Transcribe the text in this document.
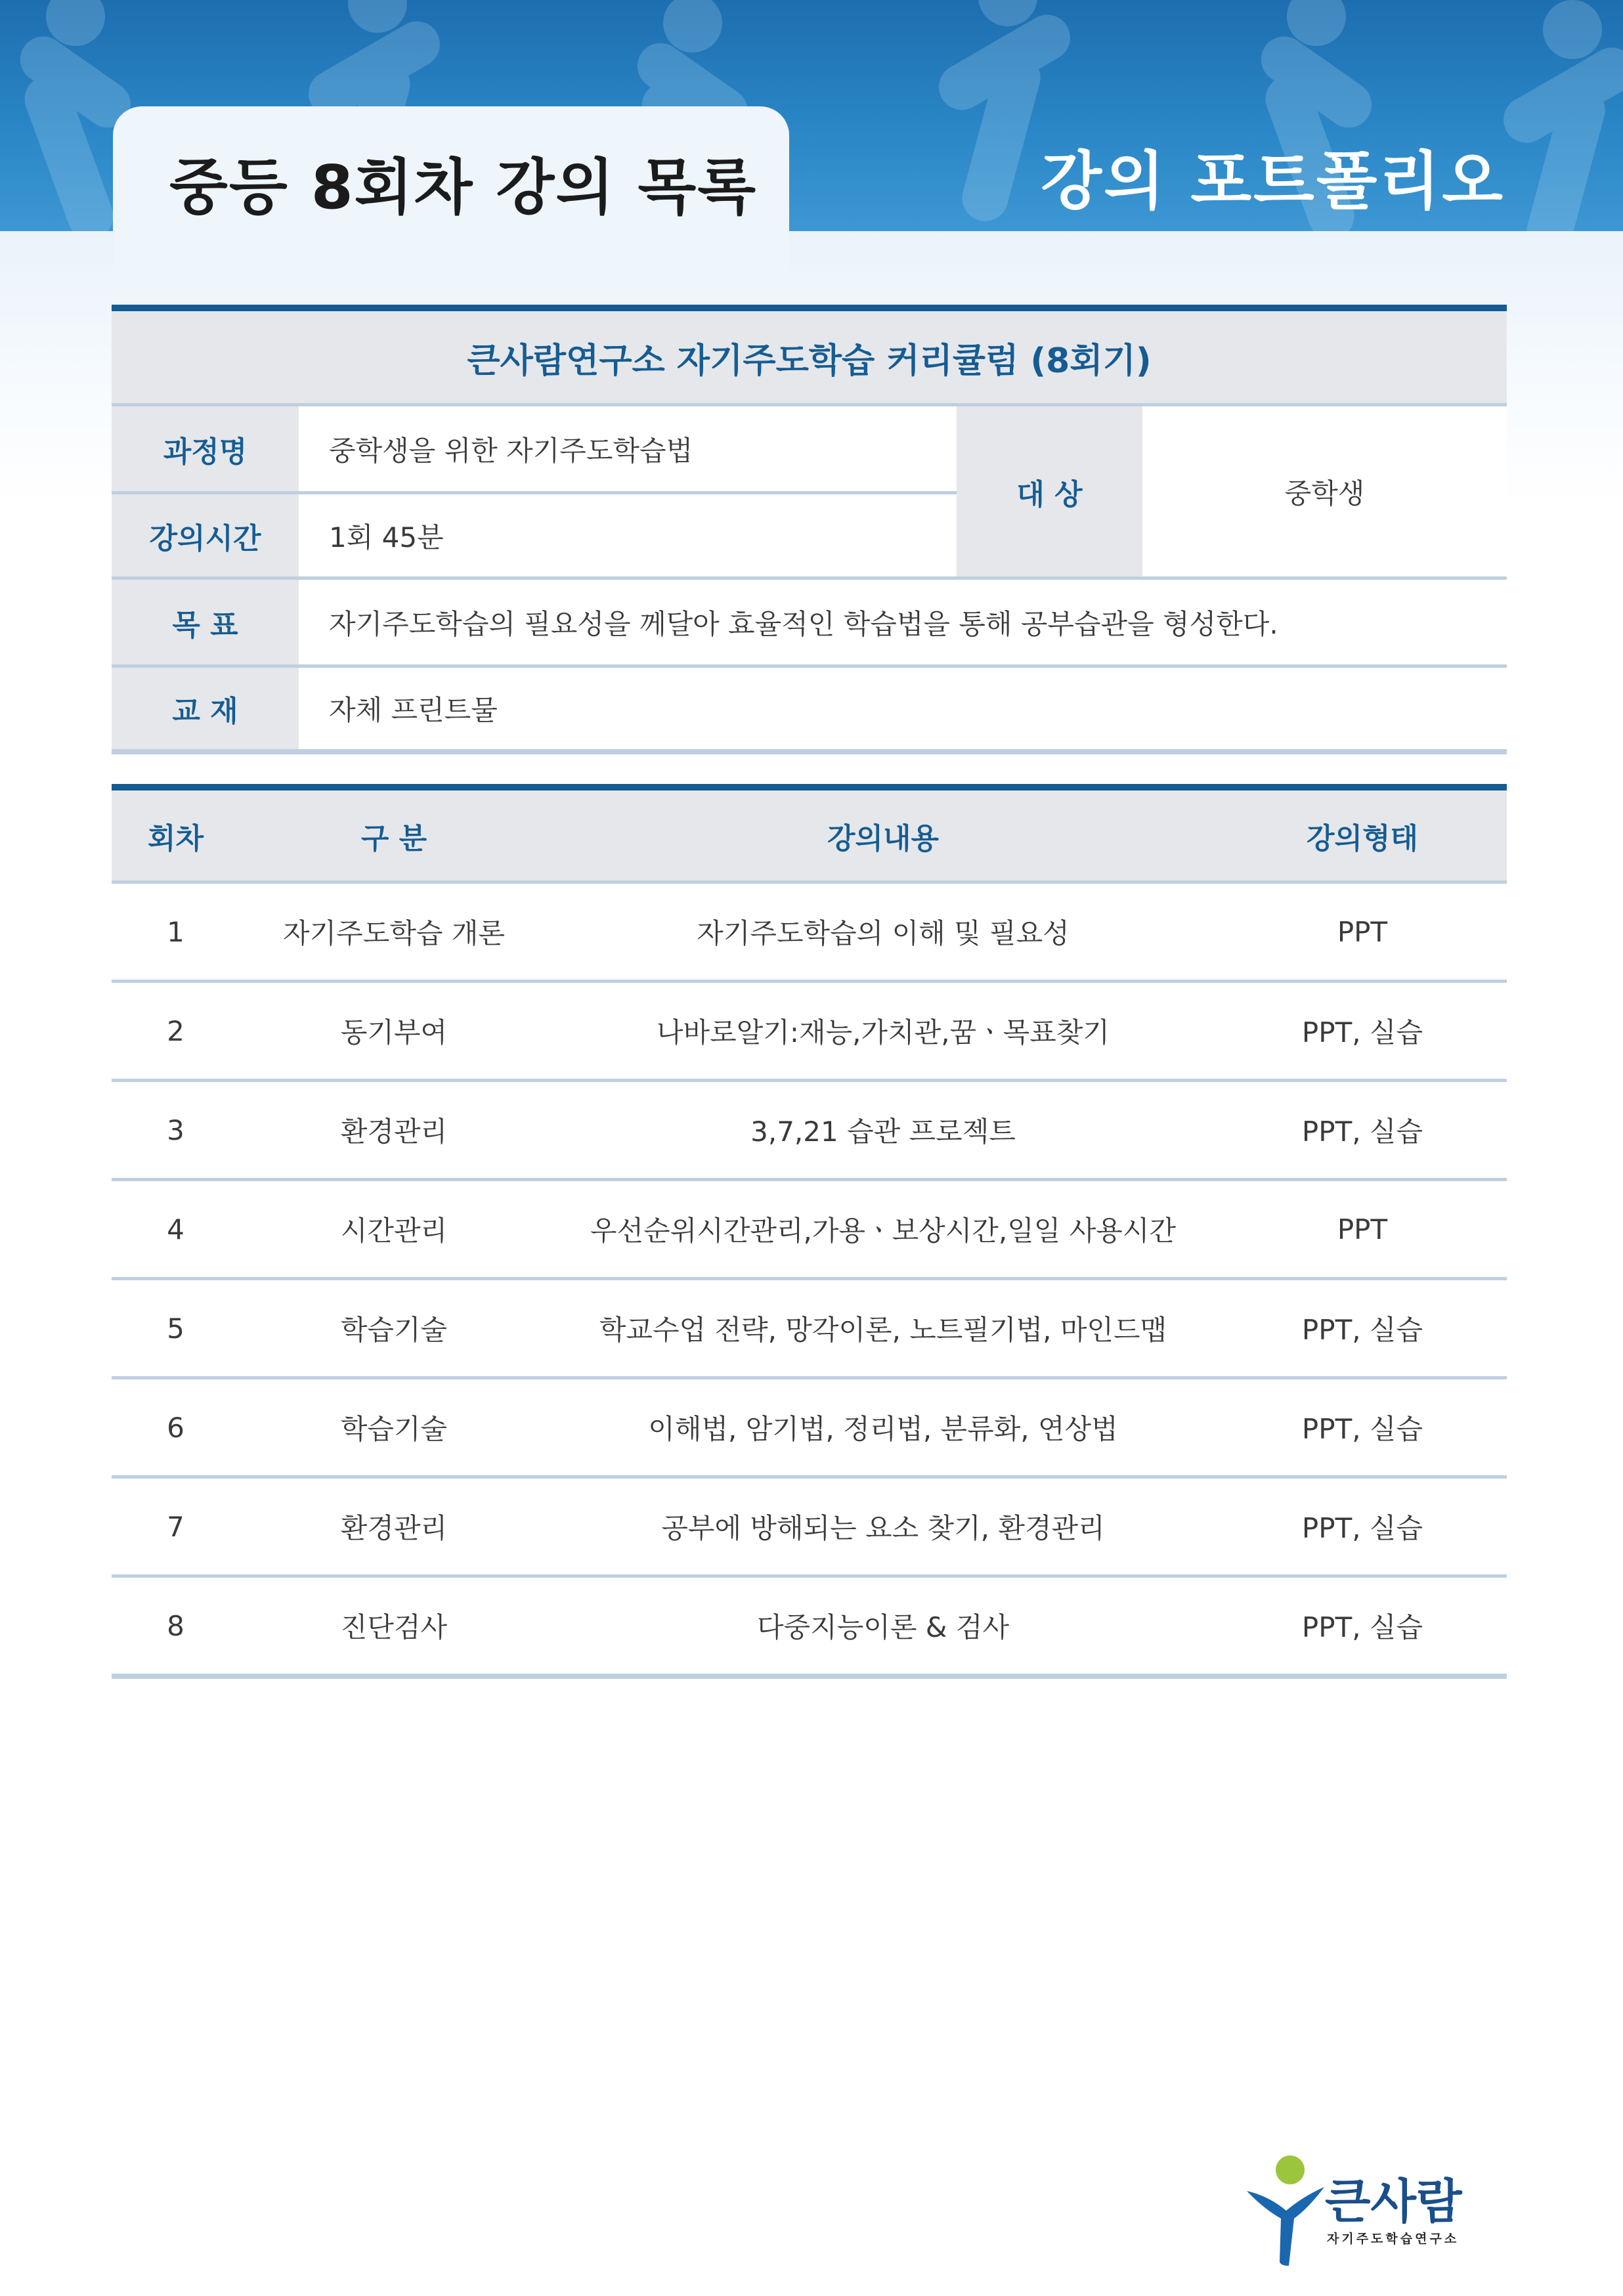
중등 8회차 강의 목록	강의 포트폴리오
큰사람연구소 자기주도학습 커리큘럼 (8회기)
과정명	중학생을 위한 자기주도학습법
대 상	중학생
강의시간	1회 45분
목 표	자기주도학습의 필요성을 께달아 효율적인 학습법을 통해 공부습관을 형성한다.
교 재	자체 프린트물
회차	구 분	강의내용	강의형태
1	자기주도학습 개론	자기주도학습의 이해 및 필요성	PPT
2	동기부여	나바로알기:재능,가치관,꿈ㆍ목표찾기	PPT, 실습
3	환경관리	3,7,21 습관 프로젝트	PPT, 실습
4	시간관리	우선순위시간관리,가용ㆍ보상시간,일일 사용시간	PPT
5	학습기술	학교수업 전략, 망각이론, 노트필기법, 마인드맵	PPT, 실습
6	학습기술	이해법, 암기법, 정리법, 분류화, 연상법	PPT, 실습
7	환경관리	공부에 방해되는 요소 찾기, 환경관리	PPT, 실습
8	진단검사	다중지능이론 & 검사	PPT, 실습
큰사람
자기주도학습연구소
